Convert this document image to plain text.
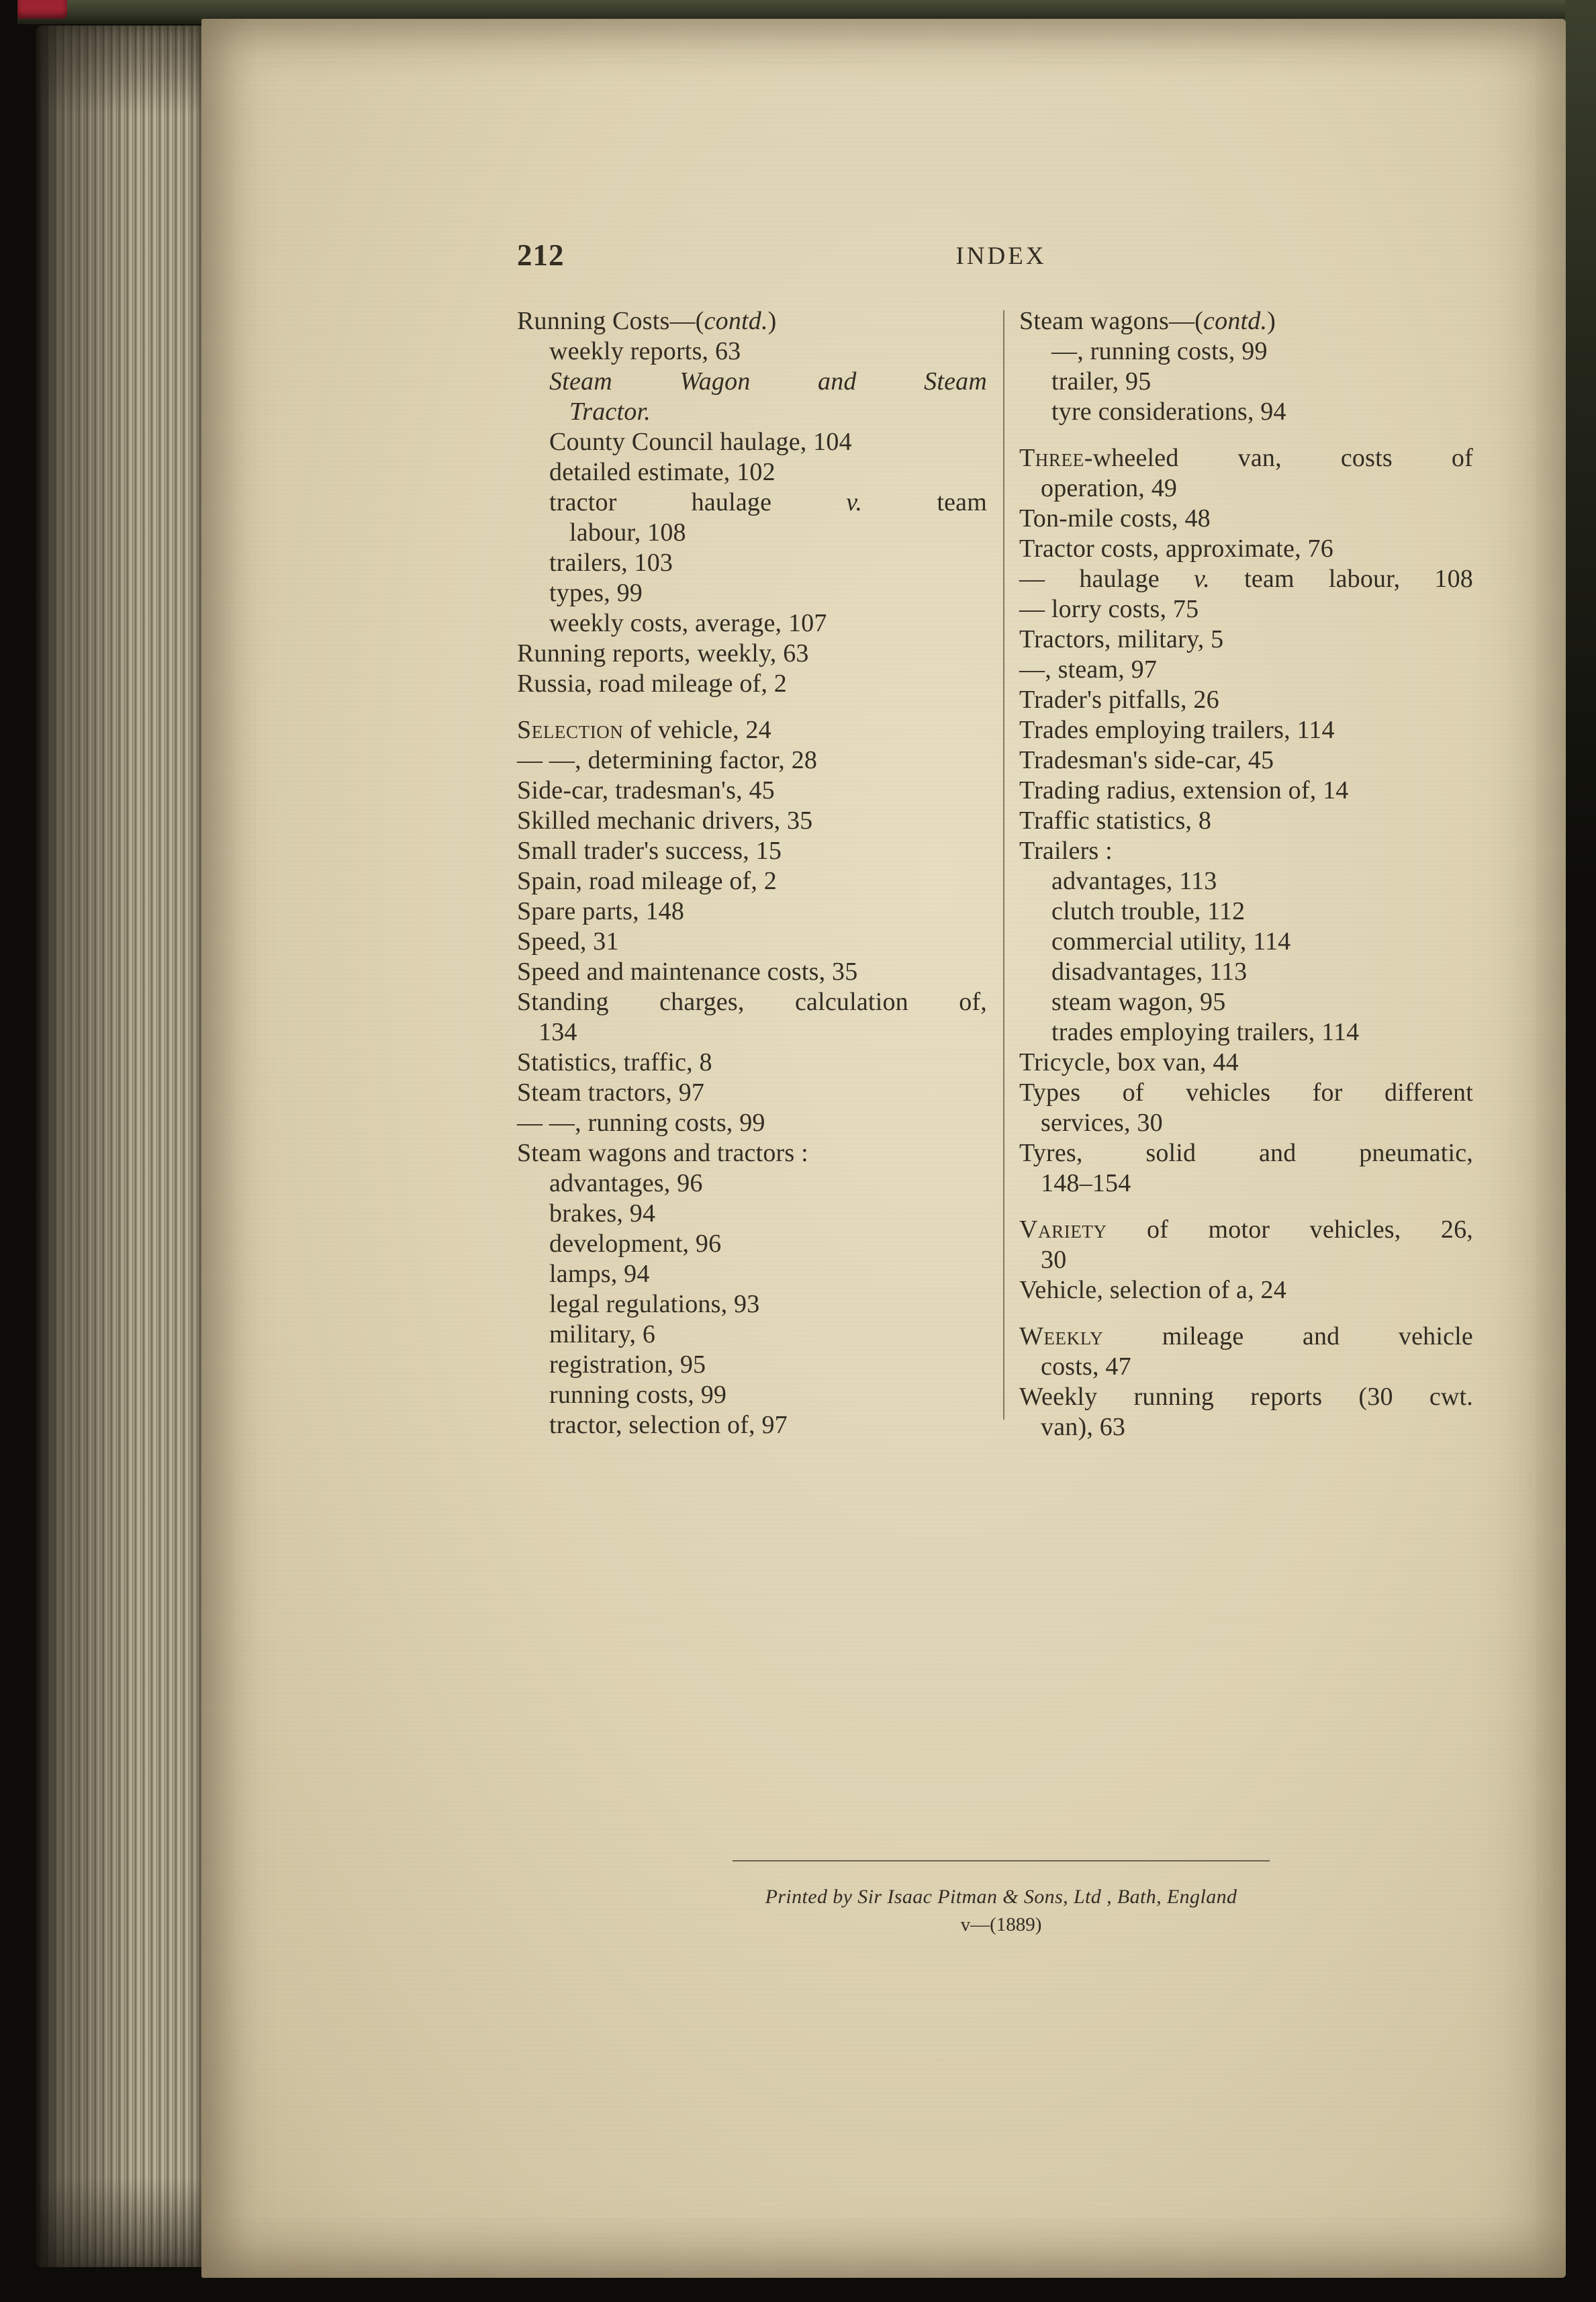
212	INDEX
Running Costs—(contd.)
weekly reports, 63
Steam Wagon and Steam
Tractor.
County Council haulage, 104
detailed estimate, 102
tractor haulage v. team
labour, 108
trailers, 103
types, 99
weekly costs, average, 107
Running reports, weekly, 63
Russia, road mileage of, 2
Selection of vehicle, 24
— —, determining factor, 28
Side-car, tradesman's, 45
Skilled mechanic drivers, 35
Small trader's success, 15
Spain, road mileage of, 2
Spare parts, 148
Speed, 31
Speed and maintenance costs, 35
Standing charges, calculation of,
134
Statistics, traffic, 8
Steam tractors, 97
— —, running costs, 99
Steam wagons and tractors :
advantages, 96
brakes, 94
development, 96
lamps, 94
legal regulations, 93
military, 6
registration, 95
running costs, 99
tractor, selection of, 97
Steam wagons—(contd.)
—, running costs, 99
trailer, 95
tyre considerations, 94
Three-wheeled van, costs of
operation, 49
Ton-mile costs, 48
Tractor costs, approximate, 76
— haulage v. team labour, 108
— lorry costs, 75
Tractors, military, 5
—, steam, 97
Trader's pitfalls, 26
Trades employing trailers, 114
Tradesman's side-car, 45
Trading radius, extension of, 14
Traffic statistics, 8
Trailers :
advantages, 113
clutch trouble, 112
commercial utility, 114
disadvantages, 113
steam wagon, 95
trades employing trailers, 114
Tricycle, box van, 44
Types of vehicles for different
services, 30
Tyres, solid and pneumatic,
148–154
Variety of motor vehicles, 26,
30
Vehicle, selection of a, 24
Weekly mileage and vehicle
costs, 47
Weekly running reports (30 cwt.
van), 63
Printed by Sir Isaac Pitman & Sons, Ltd , Bath, England
v—(1889)
